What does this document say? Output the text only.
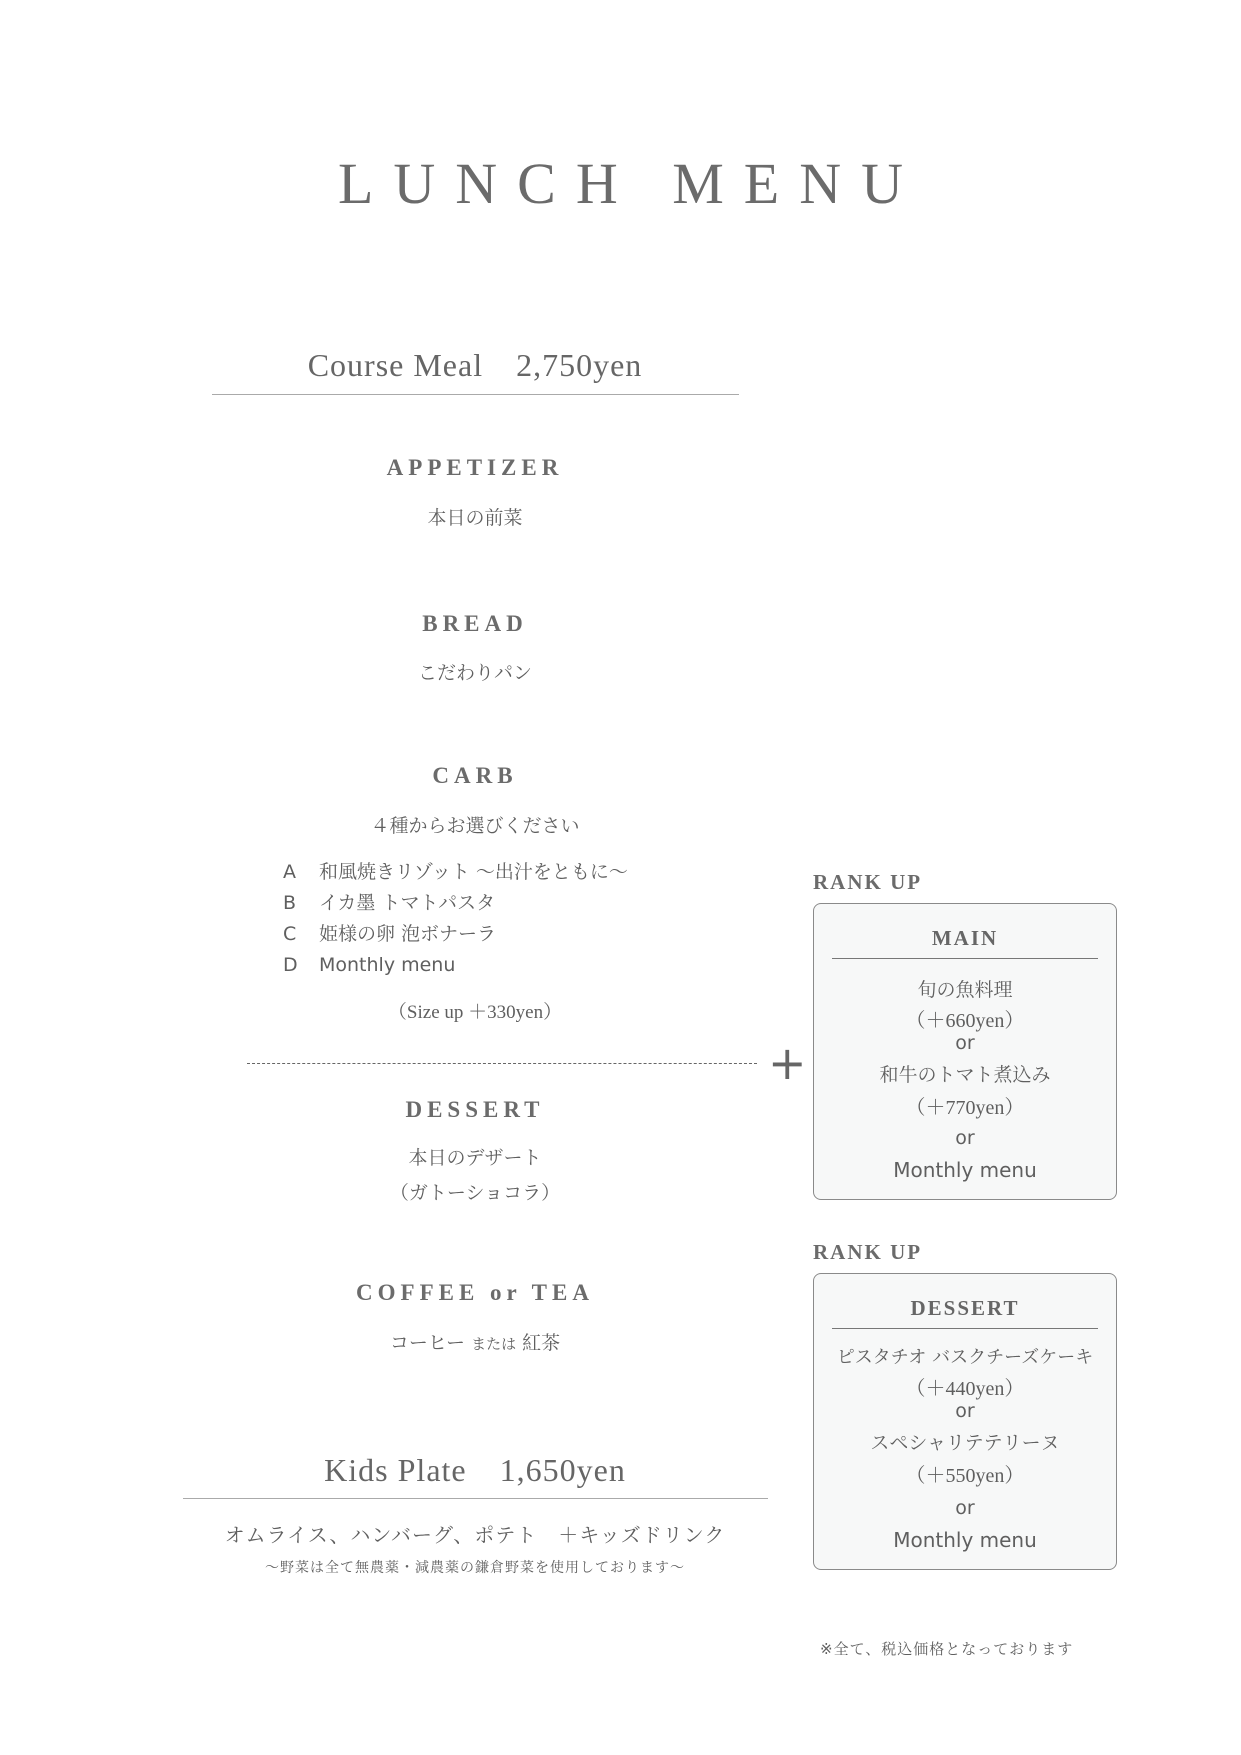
LUNCH MENU
Course Meal　2,750yen
APPETIZER
本日の前菜
BREAD
こだわりパン
CARB
４種からお選びください
A	和風焼きリゾット 〜出汁をともに〜
B	イカ墨 トマトパスタ
C	姫様の卵 泡ボナーラ
D	Monthly menu
（Size up ＋330yen）
+
DESSERT
本日のデザート
（ガトーショコラ）
COFFEE or TEA
コーヒー または 紅茶
Kids Plate　1,650yen
オムライス、ハンバーグ、ポテト　＋キッズドリンク
〜野菜は全て無農薬・減農薬の鎌倉野菜を使用しております〜
RANK UP
MAIN
旬の魚料理
（＋660yen）
or
和牛のトマト煮込み
（＋770yen）
or
Monthly menu
RANK UP
DESSERT
ピスタチオ バスクチーズケーキ
（＋440yen）
or
スペシャリテテリーヌ
（＋550yen）
or
Monthly menu
※全て、税込価格となっております
